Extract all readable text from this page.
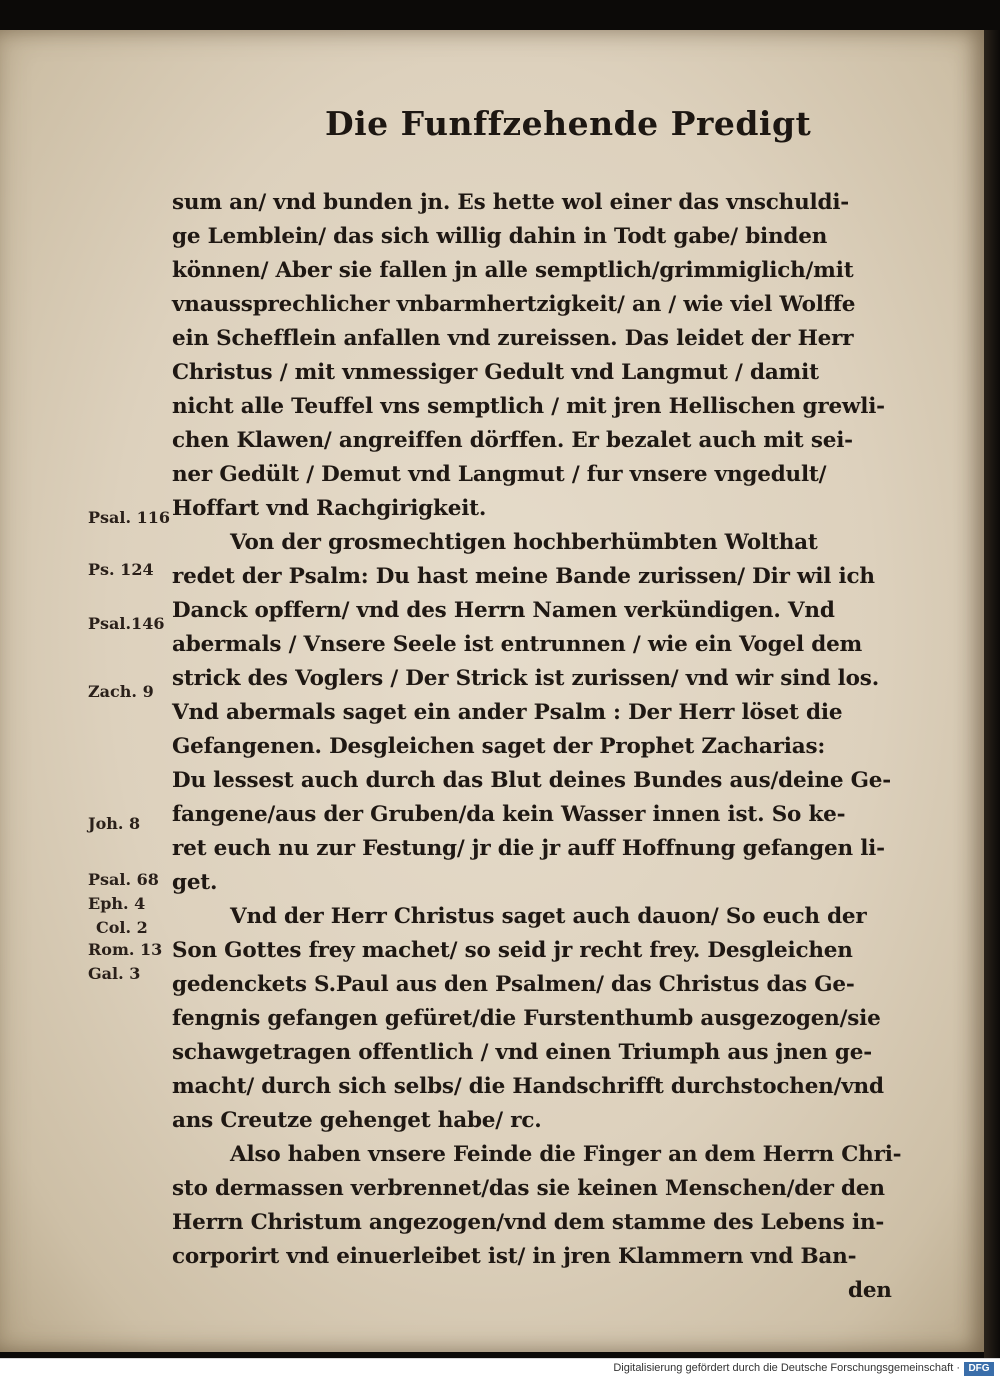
Die Funffzehende Predigt
sum an/ vnd bunden jn. Es hette wol einer das vnschuldi-
ge Lemblein/ das sich willig dahin in Todt gabe/ binden
können/ Aber sie fallen jn alle semptlich/grimmiglich/mit
vnaussprechlicher vnbarmhertzigkeit/ an / wie viel Wolffe
ein Schefflein anfallen vnd zureissen. Das leidet der Herr
Christus / mit vnmessiger Gedult vnd Langmut / damit
nicht alle Teuffel vns semptlich / mit jren Hellischen grewli-
chen Klawen/ angreiffen dörffen. Er bezalet auch mit sei-
ner Gedült / Demut vnd Langmut / fur vnsere vngedult/
Hoffart vnd Rachgirigkeit.
Von der grosmechtigen hochberhümbten Wolthat
redet der Psalm: Du hast meine Bande zurissen/ Dir wil ich
Danck opffern/ vnd des Herrn Namen verkündigen. Vnd
abermals / Vnsere Seele ist entrunnen / wie ein Vogel dem
strick des Voglers / Der Strick ist zurissen/ vnd wir sind los.
Vnd abermals saget ein ander Psalm : Der Herr löset die
Gefangenen. Desgleichen saget der Prophet Zacharias:
Du lessest auch durch das Blut deines Bundes aus/deine Ge-
fangene/aus der Gruben/da kein Wasser innen ist. So ke-
ret euch nu zur Festung/ jr die jr auff Hoffnung gefangen li-
get.
Vnd der Herr Christus saget auch dauon/ So euch der
Son Gottes frey machet/ so seid jr recht frey. Desgleichen
gedenckets S.Paul aus den Psalmen/ das Christus das Ge-
fengnis gefangen gefüret/die Furstenthumb ausgezogen/sie
schawgetragen offentlich / vnd einen Triumph aus jnen ge-
macht/ durch sich selbs/ die Handschrifft durchstochen/vnd
ans Creutze gehenget habe/ rc.
Also haben vnsere Feinde die Finger an dem Herrn Chri-
sto dermassen verbrennet/das sie keinen Menschen/der den
Herrn Christum angezogen/vnd dem stamme des Lebens in-
corporirt vnd einuerleibet ist/ in jren Klammern vnd Ban-
den
Psal. 116
Ps. 124
Psal.146
Zach. 9
Joh. 8
Psal. 68
Eph. 4
Col. 2
Rom. 13
Gal. 3
Digitalisierung gefördert durch die Deutsche Forschungsgemeinschaft · DFG
